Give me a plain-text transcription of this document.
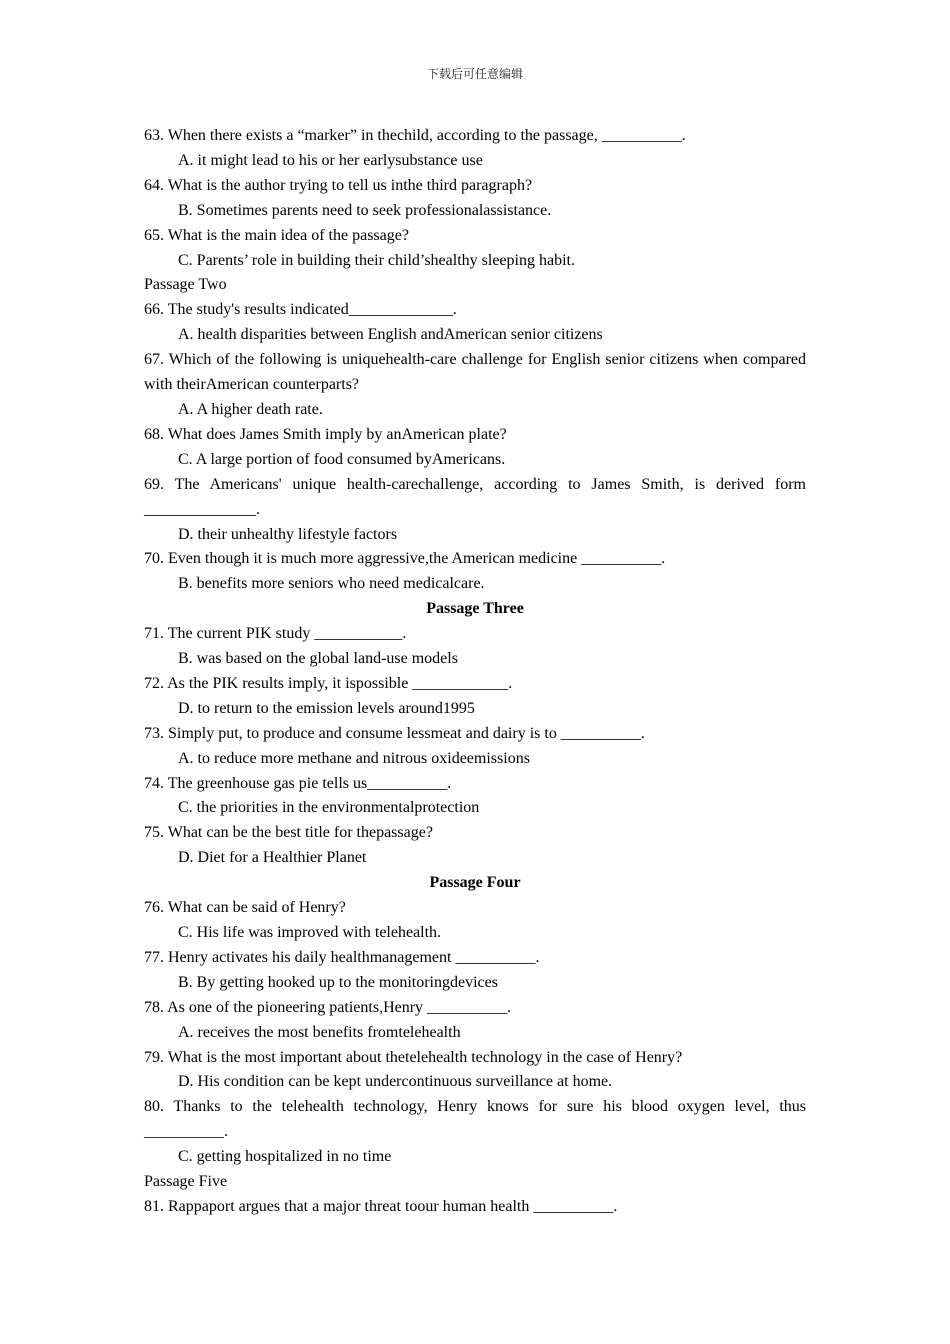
下载后可任意编辑
63. When there exists a “marker” in thechild, according to the passage, __________.
A. it might lead to his or her earlysubstance use
64. What is the author trying to tell us inthe third paragraph?
B. Sometimes parents need to seek professionalassistance.
65. What is the main idea of the passage?
C. Parents’ role in building their child’shealthy sleeping habit.
Passage Two
66. The study's results indicated_____________.
A. health disparities between English andAmerican senior citizens
67. Which of the following is uniquehealth-care challenge for English senior citizens when compared with theirAmerican counterparts?
A. A higher death rate.
68. What does James Smith imply by anAmerican plate?
C. A large portion of food consumed byAmericans.
69. The Americans' unique health-carechallenge, according to James Smith, is derived form ______________.
D. their unhealthy lifestyle factors
70. Even though it is much more aggressive,the American medicine __________.
B. benefits more seniors who need medicalcare.
Passage Three
71. The current PIK study ___________.
B. was based on the global land-use models
72. As the PIK results imply, it ispossible ____________.
D. to return to the emission levels around1995
73. Simply put, to produce and consume lessmeat and dairy is to __________.
A. to reduce more methane and nitrous oxideemissions
74. The greenhouse gas pie tells us__________.
C. the priorities in the environmentalprotection
75. What can be the best title for thepassage?
D. Diet for a Healthier Planet
Passage Four
76. What can be said of Henry?
C. His life was improved with telehealth.
77. Henry activates his daily healthmanagement __________.
B. By getting hooked up to the monitoringdevices
78. As one of the pioneering patients,Henry __________.
A. receives the most benefits fromtelehealth
79. What is the most important about thetelehealth technology in the case of Henry?
D. His condition can be kept undercontinuous surveillance at home.
80. Thanks to the telehealth technology, Henry knows for sure his blood oxygen level, thus __________.
C. getting hospitalized in no time
Passage Five
81. Rappaport argues that a major threat toour human health __________.
